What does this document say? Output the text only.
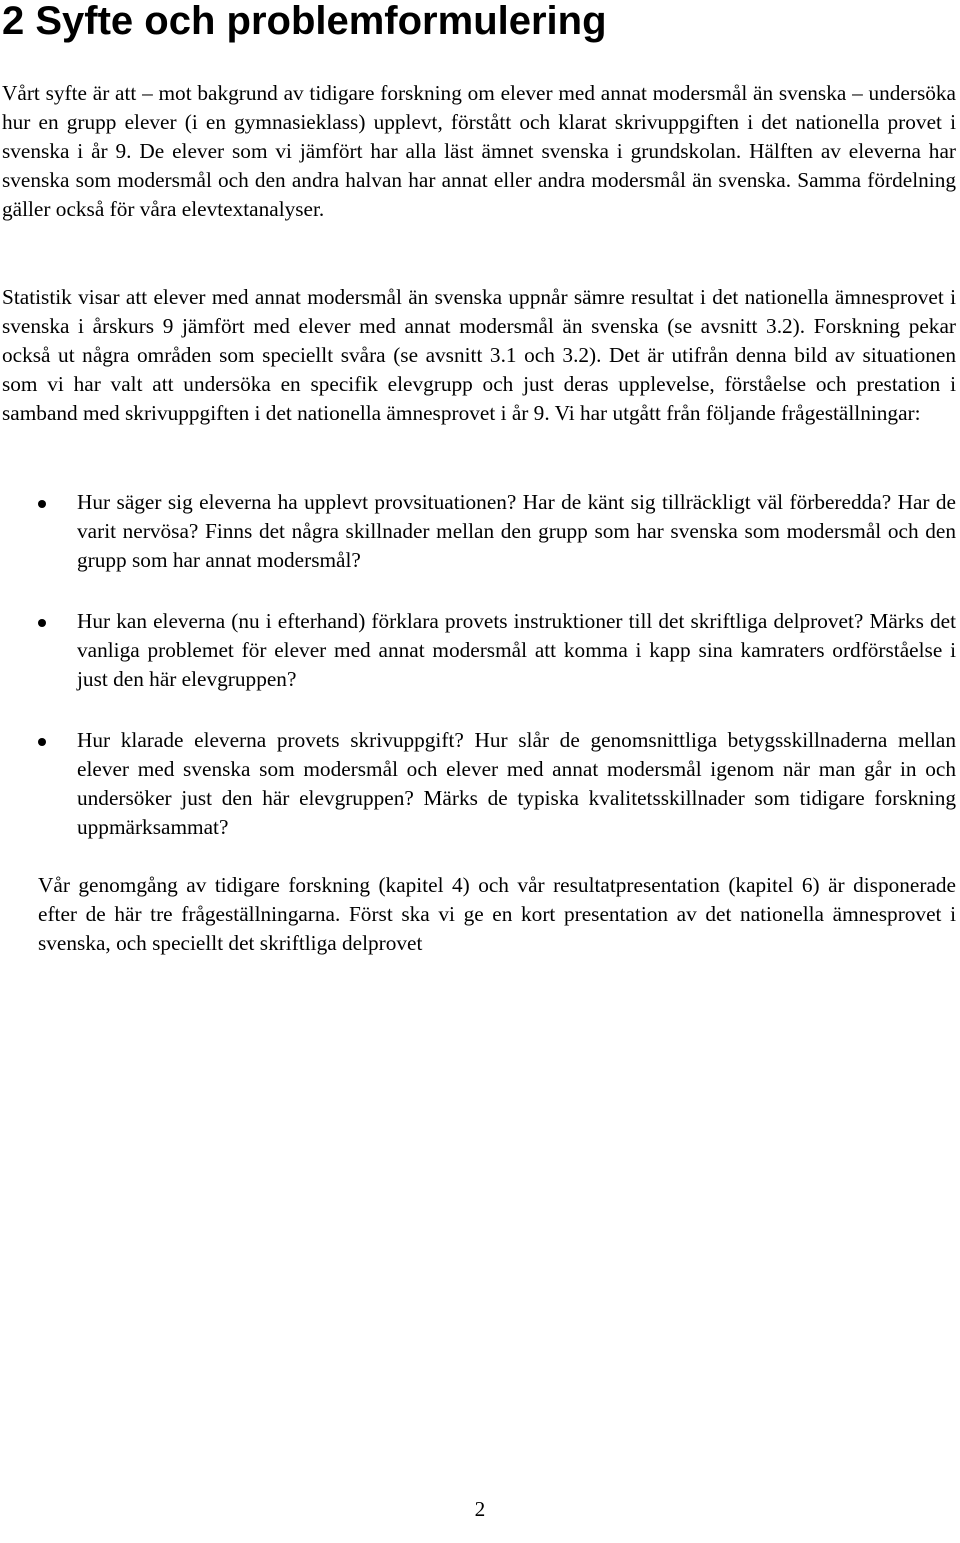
2 Syfte och problemformulering

Vårt syfte är att – mot bakgrund av tidigare forskning om elever med annat modersmål än svenska – undersöka hur en grupp elever (i en gymnasieklass) upplevt, förstått och klarat skrivuppgiften i det nationella provet i svenska i år 9. De elever som vi jämfört har alla läst ämnet svenska i grundskolan. Hälften av eleverna har svenska som modersmål och den andra halvan har annat eller andra modersmål än svenska. Samma fördelning gäller också för våra elevtextanalyser.

Statistik visar att elever med annat modersmål än svenska uppnår sämre resultat i det nationella ämnesprovet i svenska i årskurs 9 jämfört med elever med annat modersmål än svenska (se avsnitt 3.2). Forskning pekar också ut några områden som speciellt svåra (se avsnitt 3.1 och 3.2). Det är utifrån denna bild av situationen som vi har valt att undersöka en specifik elevgrupp och just deras upplevelse, förståelse och prestation i samband med skrivuppgiften i det nationella ämnesprovet i år 9. Vi har utgått från följande frågeställningar:

Hur säger sig eleverna ha upplevt provsituationen? Har de känt sig tillräckligt väl förberedda? Har de varit nervösa? Finns det några skillnader mellan den grupp som har svenska som modersmål och den grupp som har annat modersmål?
Hur kan eleverna (nu i efterhand) förklara provets instruktioner till det skriftliga delprovet? Märks det vanliga problemet för elever med annat modersmål att komma i kapp sina kamraters ordförståelse i just den här elevgruppen?
Hur klarade eleverna provets skrivuppgift? Hur slår de genomsnittliga betygsskillnaderna mellan elever med svenska som modersmål och elever med annat modersmål igenom när man går in och undersöker just den här elevgruppen? Märks de typiska kvalitetsskillnader som tidigare forskning uppmärksammat?

Vår genomgång av tidigare forskning (kapitel 4) och vår resultatpresentation (kapitel 6) är disponerade efter de här tre frågeställningarna. Först ska vi ge en kort presentation av det nationella ämnesprovet i svenska, och speciellt det skriftliga delprovet

2
